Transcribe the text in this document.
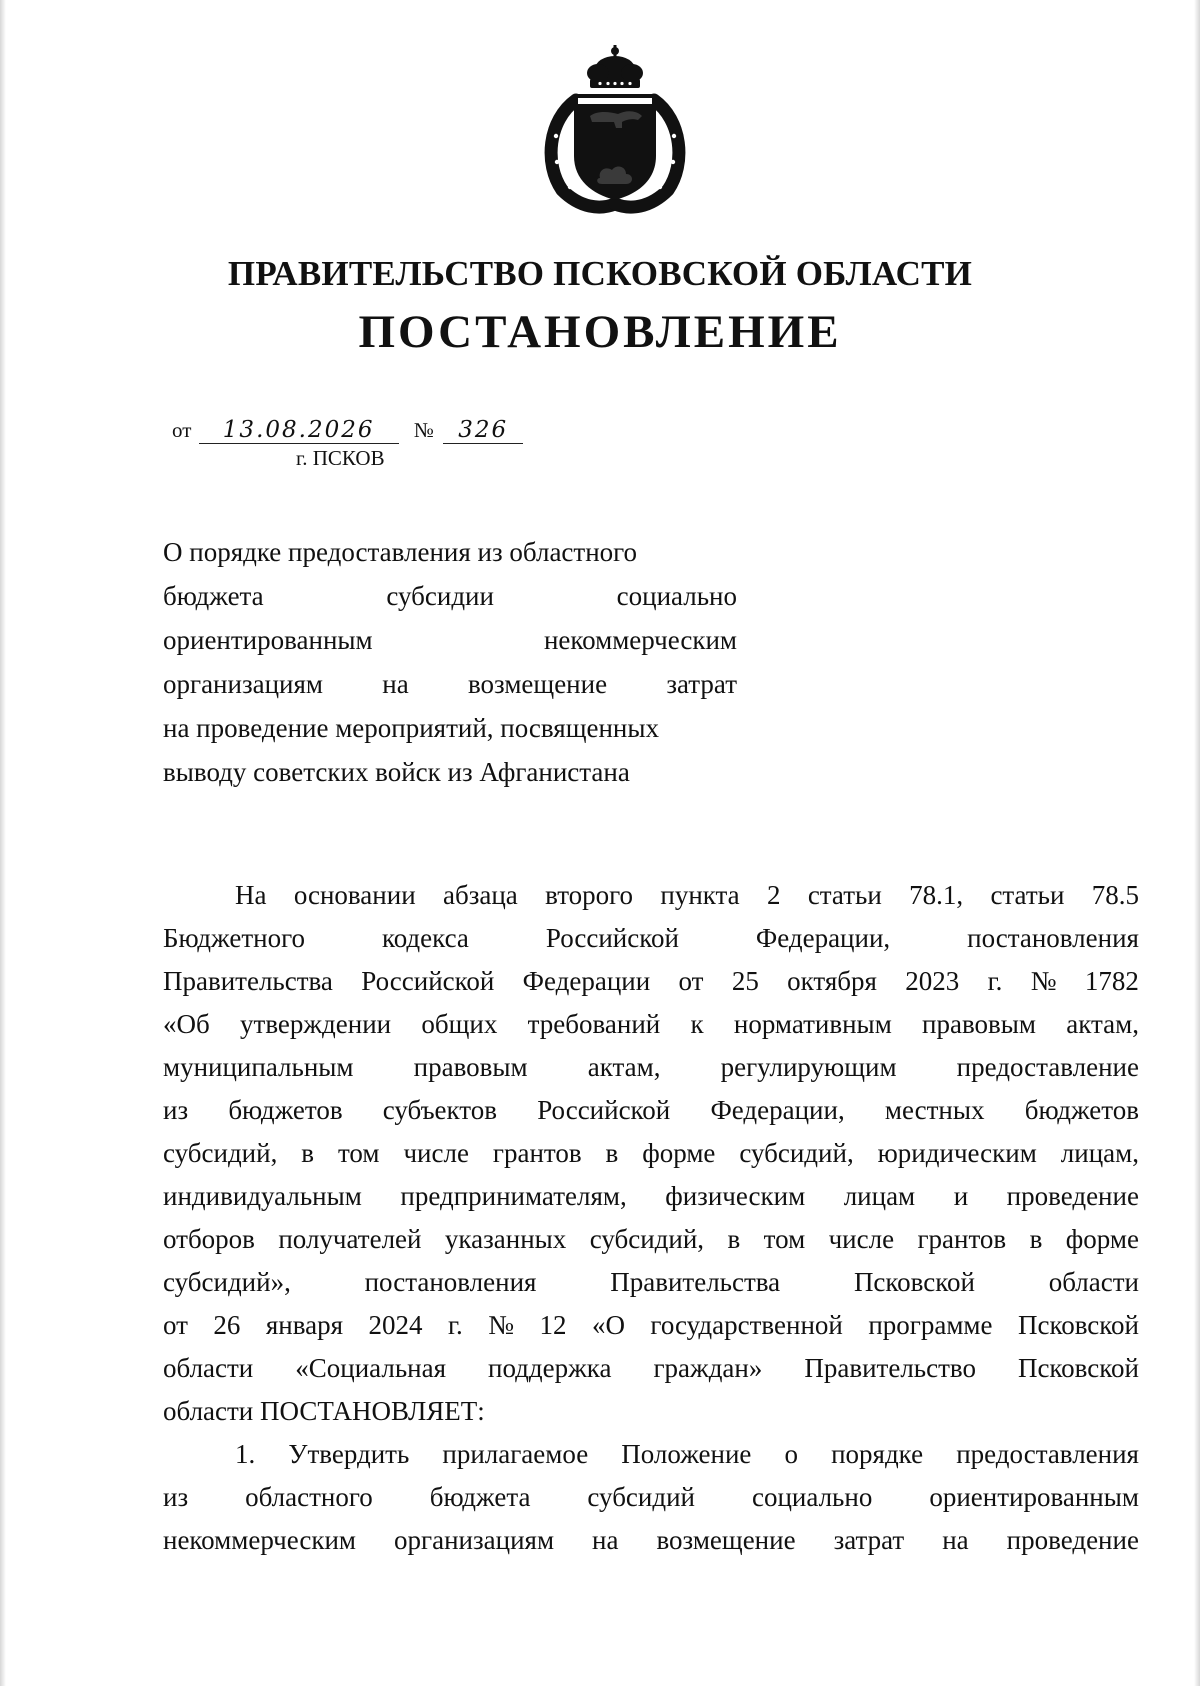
ПРАВИТЕЛЬСТВО ПСКОВСКОЙ ОБЛАСТИ
ПОСТАНОВЛЕНИЕ
от 13.08.2026 № 326
г. ПСКОВ
О порядке предоставления из областного
бюджета	субсидии	социально
ориентированным	некоммерческим
организациям на возмещение затрат
на проведение мероприятий, посвященных
выводу советских войск из Афганистана
На основании абзаца второго пункта 2 статьи 78.1, статьи 78.5
Бюджетного	кодекса	Российской	Федерации,	постановления
Правительства Российской Федерации от 25 октября 2023 г. № 1782
«Об утверждении общих требований к нормативным правовым актам,
муниципальным правовым актам, регулирующим предоставление
из бюджетов субъектов Российской Федерации, местных бюджетов
субсидий, в том числе грантов в форме субсидий, юридическим лицам,
индивидуальным предпринимателям, физическим лицам и проведение
отборов получателей указанных субсидий, в том числе грантов в форме
субсидий»,	постановления	Правительства	Псковской	области
от 26 января 2024 г. № 12 «О государственной программе Псковской
области «Социальная поддержка граждан» Правительство Псковской
области ПОСТАНОВЛЯЕТ:
1. Утвердить прилагаемое Положение о порядке предоставления
из областного бюджета субсидий социально ориентированным
некоммерческим организациям на возмещение затрат на проведение
